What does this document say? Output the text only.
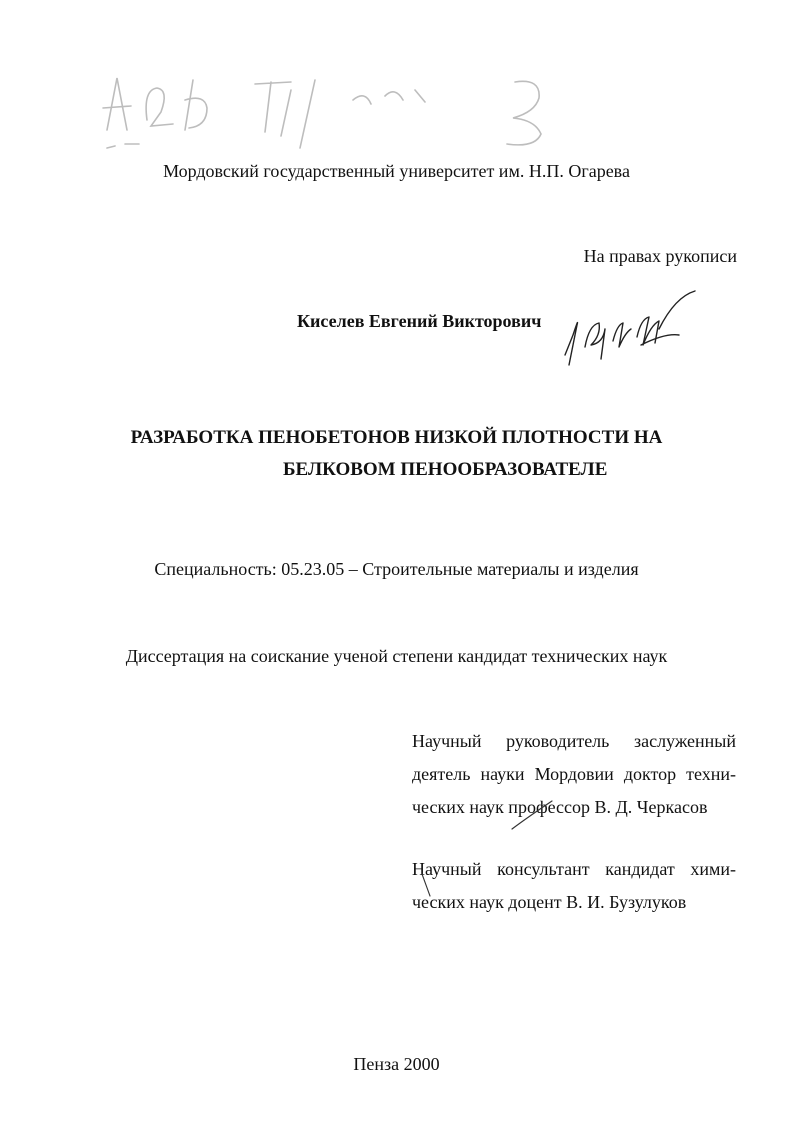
Мордовский государственный университет им. Н.П. Огарева
На правах рукописи
Киселев Евгений Викторович
РАЗРАБОТКА ПЕНОБЕТОНОВ НИЗКОЙ ПЛОТНОСТИ НА
БЕЛКОВОМ ПЕНООБРАЗОВАТЕЛЕ
Специальность: 05.23.05 – Строительные материалы и изделия
Диссертация на соискание ученой степени кандидат технических наук
Научный руководитель заслуженный
деятель науки Мордовии доктор техни-
ческих наук профессор В. Д. Черкасов
Научный консультант кандидат хими-
ческих наук доцент В. И. Бузулуков
Пенза 2000
